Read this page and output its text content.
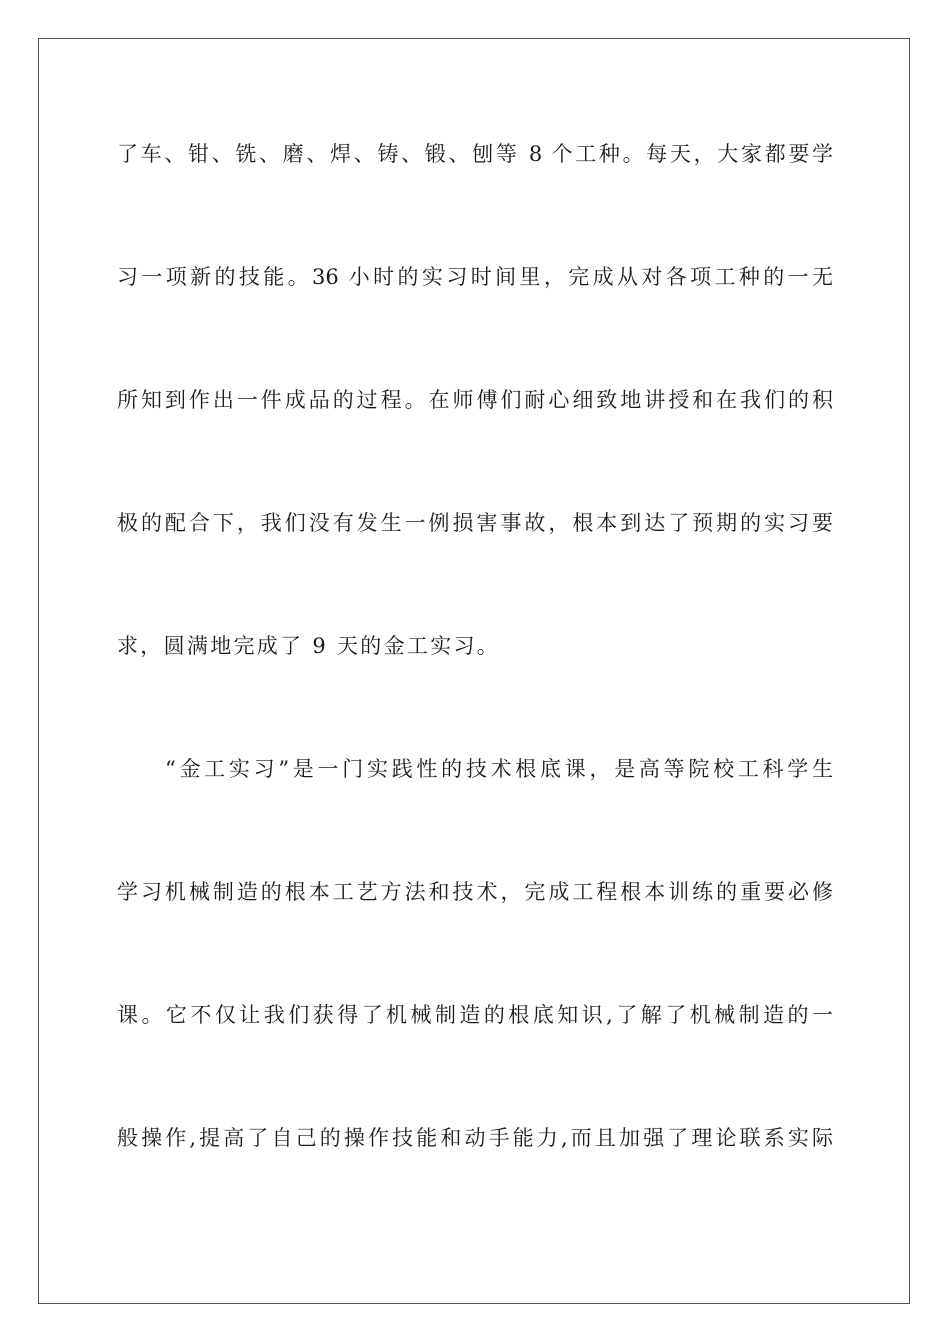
了车、钳、铣、磨、焊、铸、锻、刨等 8 个工种。每天，大家都要学
习一项新的技能。36 小时的实习时间里，完成从对各项工种的一无
所知到作出一件成品的过程。在师傅们耐心细致地讲授和在我们的积
极的配合下，我们没有发生一例损害事故，根本到达了预期的实习要
求，圆满地完成了 9 天的金工实习。
“金工实习”是一门实践性的技术根底课，是高等院校工科学生
学习机械制造的根本工艺方法和技术，完成工程根本训练的重要必修
课。它不仅让我们获得了机械制造的根底知识,了解了机械制造的一
般操作,提高了自己的操作技能和动手能力,而且加强了理论联系实际
